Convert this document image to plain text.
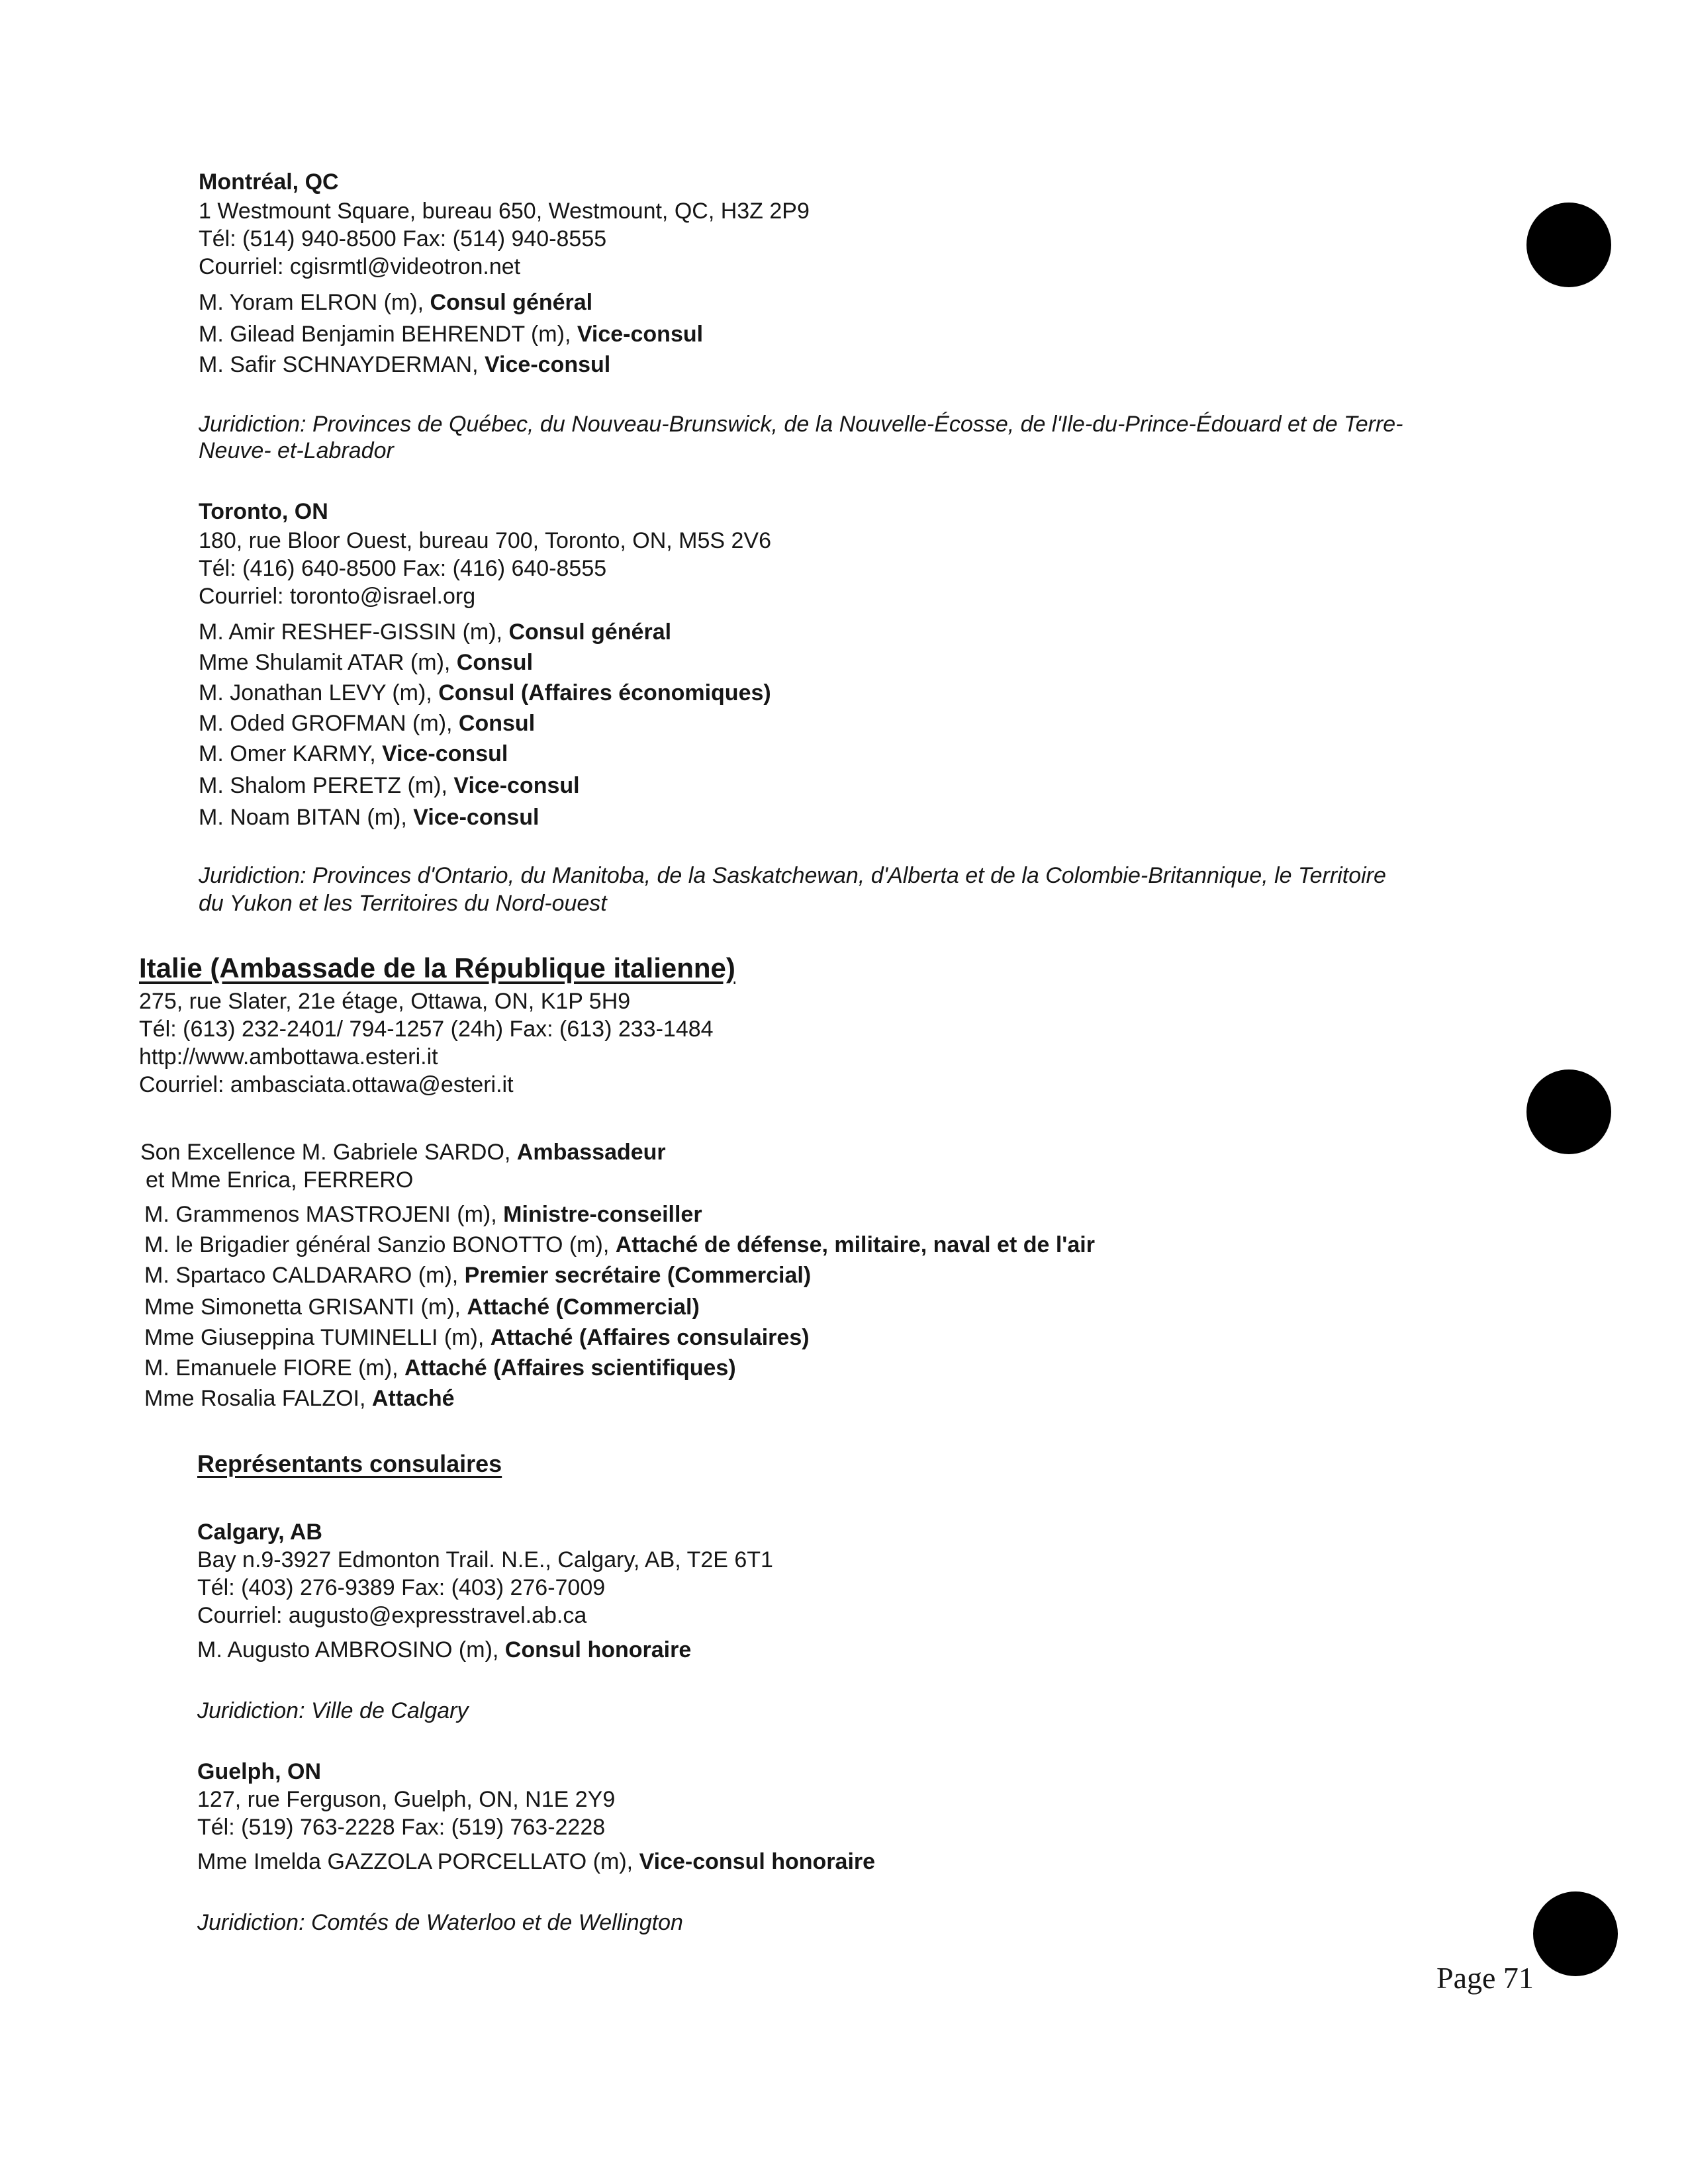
Montréal, QC
1 Westmount Square, bureau 650, Westmount, QC, H3Z 2P9
Tél: (514) 940-8500 Fax: (514) 940-8555
Courriel: cgisrmtl@videotron.net
M. Yoram ELRON (m), Consul général
M. Gilead Benjamin BEHRENDT (m), Vice-consul
M. Safir SCHNAYDERMAN, Vice-consul
Juridiction: Provinces de Québec, du Nouveau-Brunswick, de la Nouvelle-Écosse, de l'Ile-du-Prince-Édouard et de Terre-
Neuve- et-Labrador
Toronto, ON
180, rue Bloor Ouest, bureau 700, Toronto, ON, M5S 2V6
Tél: (416) 640-8500 Fax: (416) 640-8555
Courriel: toronto@israel.org
M. Amir RESHEF-GISSIN (m), Consul général
Mme Shulamit ATAR (m), Consul
M. Jonathan LEVY (m), Consul (Affaires économiques)
M. Oded GROFMAN (m), Consul
M. Omer KARMY, Vice-consul
M. Shalom PERETZ (m), Vice-consul
M. Noam BITAN (m), Vice-consul
Juridiction: Provinces d'Ontario, du Manitoba, de la Saskatchewan, d'Alberta et de la Colombie-Britannique, le Territoire
du Yukon et les Territoires du Nord-ouest
Italie (Ambassade de la République italienne)
275, rue Slater, 21e étage, Ottawa, ON, K1P 5H9
Tél: (613) 232-2401/ 794-1257 (24h) Fax: (613) 233-1484
http://www.ambottawa.esteri.it
Courriel: ambasciata.ottawa@esteri.it
Son Excellence M. Gabriele SARDO, Ambassadeur
et Mme Enrica, FERRERO
M. Grammenos MASTROJENI (m), Ministre-conseiller
M. le Brigadier général Sanzio BONOTTO (m), Attaché de défense, militaire, naval et de l'air
M. Spartaco CALDARARO (m), Premier secrétaire (Commercial)
Mme Simonetta GRISANTI (m), Attaché (Commercial)
Mme Giuseppina TUMINELLI (m), Attaché (Affaires consulaires)
M. Emanuele FIORE (m), Attaché (Affaires scientifiques)
Mme Rosalia FALZOI, Attaché
Représentants consulaires
Calgary, AB
Bay n.9-3927 Edmonton Trail. N.E., Calgary, AB, T2E 6T1
Tél: (403) 276-9389 Fax: (403) 276-7009
Courriel: augusto@expresstravel.ab.ca
M. Augusto AMBROSINO (m), Consul honoraire
Juridiction: Ville de Calgary
Guelph, ON
127, rue Ferguson, Guelph, ON, N1E 2Y9
Tél: (519) 763-2228 Fax: (519) 763-2228
Mme Imelda GAZZOLA PORCELLATO (m), Vice-consul honoraire
Juridiction: Comtés de Waterloo et de Wellington
Page 71
